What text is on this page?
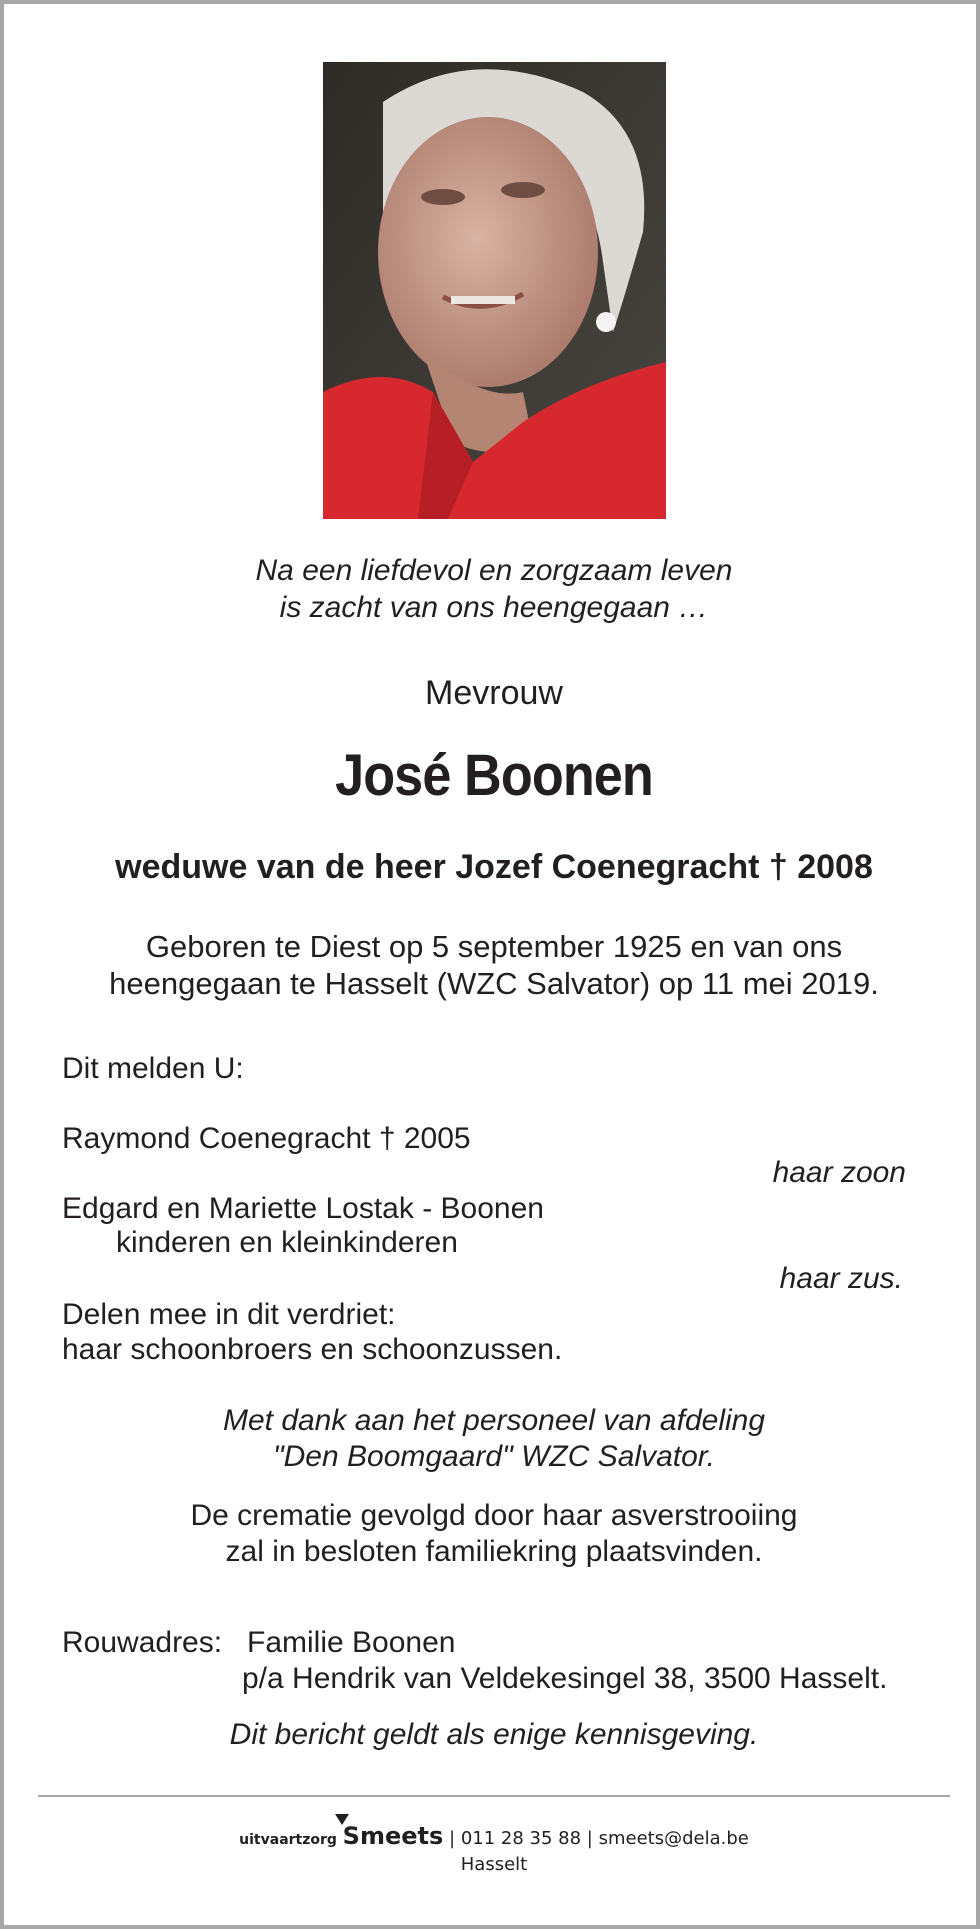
Na een liefdevol en zorgzaam leven
is zacht van ons heengegaan …
Mevrouw
José Boonen
weduwe van de heer Jozef Coenegracht † 2008
Geboren te Diest op 5 september 1925 en van ons
heengegaan te Hasselt (WZC Salvator) op 11 mei 2019.
Dit melden U:
Raymond Coenegracht † 2005
haar zoon
Edgard en Mariette Lostak - Boonen
kinderen en kleinkinderen
haar zus.
Delen mee in dit verdriet:
haar schoonbroers en schoonzussen.
Met dank aan het personeel van afdeling
"Den Boomgaard" WZC Salvator.
De crematie gevolgd door haar asverstrooiing
zal in besloten familiekring plaatsvinden.
Rouwadres: Familie Boonen
p/a Hendrik van Veldekesingel 38, 3500 Hasselt.
Dit bericht geldt als enige kennisgeving.
uitvaartzorg Smeets | 011 28 35 88 | smeets@dela.be
Hasselt
